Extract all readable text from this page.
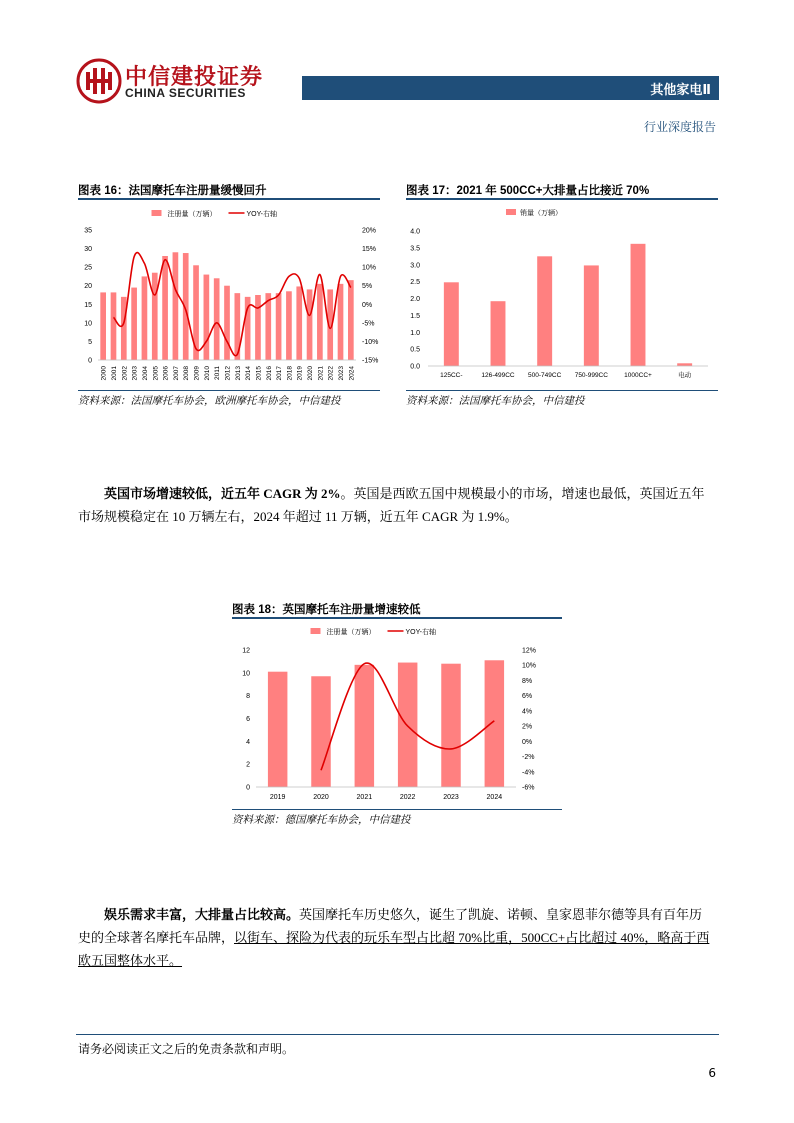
中信建投证券
CHINA SECURITIES	其他家电Ⅱ
行业深度报告
图表 16：法国摩托车注册量缓慢回升
注册量（万辆）	YOY-右轴
0
5
10
15
20
25
30
35
-15%
-10%
-5%
0%
5%
10%
15%
20%
2000 2001 2002 2003 2004 2005 2006 2007 2008 2009 2010 2011 2012 2013 2014 2015 2016 2017 2018 2019 2020 2021 2022 2023 2024
资料来源：法国摩托车协会，欧洲摩托车协会，中信建投
图表 17：2021 年 500CC+大排量占比接近 70%
销量（万辆）
0.0
0.5
1.0
1.5
2.0
2.5
3.0
3.5
4.0
125CC-	126-499CC 500-749CC 750-999CC 1000CC+	电动
资料来源：法国摩托车协会，中信建投

英国市场增速较低，近五年 CAGR 为 2%。英国是西欧五国中规模最小的市场，增速也最低，英国近五年

市场规模稳定在 10 万辆左右，2024 年超过 11 万辆，近五年 CAGR 为 1.9%。

图表 18：英国摩托车注册量增速较低
注册量（万辆）	YOY-右轴
0
2
4
6
8
10
12
-6%
-4%
-2%
0%
2%
4%
6%
8%
10%
12%
2019	2020	2021	2022	2023	2024
资料来源：德国摩托车协会，中信建投

娱乐需求丰富，大排量占比较高。英国摩托车历史悠久，诞生了凯旋、诺顿、皇家恩菲尔德等具有百年历

史的全球著名摩托车品牌，以街车、探险为代表的玩乐车型占比超 70%比重，500CC+占比超过 40%，略高于西

欧五国整体水平。

请务必阅读正文之后的免责条款和声明。
6
